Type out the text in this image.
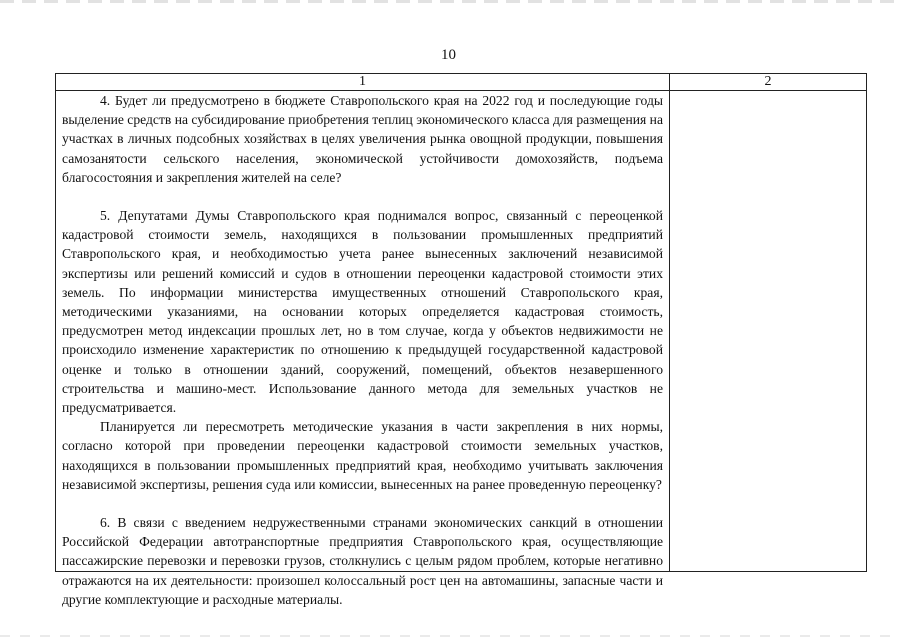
10
1	2

4. Будет ли предусмотрено в бюджете Ставропольского края на 2022 год и последующие годы выделение средств на субсидирование приобретения теплиц экономического класса для размещения на участках в личных подсобных хозяйствах в целях увеличения рынка овощной продукции, повышения самозанятости сельского населения, экономической устойчивости домохозяйств, подъема благосостояния и закрепления жителей на селе?

5. Депутатами Думы Ставропольского края поднимался вопрос, связанный с переоценкой кадастровой стоимости земель, находящихся в пользовании промышленных предприятий Ставропольского края, и необходимостью учета ранее вынесенных заключений независимой экспертизы или решений комиссий и судов в отношении переоценки кадастровой стоимости этих земель. По информации министерства имущественных отношений Ставропольского края, методическими указаниями, на основании которых определяется кадастровая стоимость, предусмотрен метод индексации прошлых лет, но в том случае, когда у объектов недвижимости не происходило изменение характеристик по отношению к предыдущей государственной кадастровой оценке и только в отношении зданий, сооружений, помещений, объектов незавершенного строительства и машино-мест. Использование данного метода для земельных участков не предусматривается.

Планируется ли пересмотреть методические указания в части закрепления в них нормы, согласно которой при проведении переоценки кадастровой стоимости земельных участков, находящихся в пользовании промышленных предприятий края, необходимо учитывать заключения независимой экспертизы, решения суда или комиссии, вынесенных на ранее проведенную переоценку?

6. В связи с введением недружественными странами экономических санкций в отношении Российской Федерации автотранспортные предприятия Ставропольского края, осуществляющие пассажирские перевозки и перевозки грузов, столкнулись с целым рядом проблем, которые негативно отражаются на их деятельности: произошел колоссальный рост цен на автомашины, запасные части и другие комплектующие и расходные материалы.
